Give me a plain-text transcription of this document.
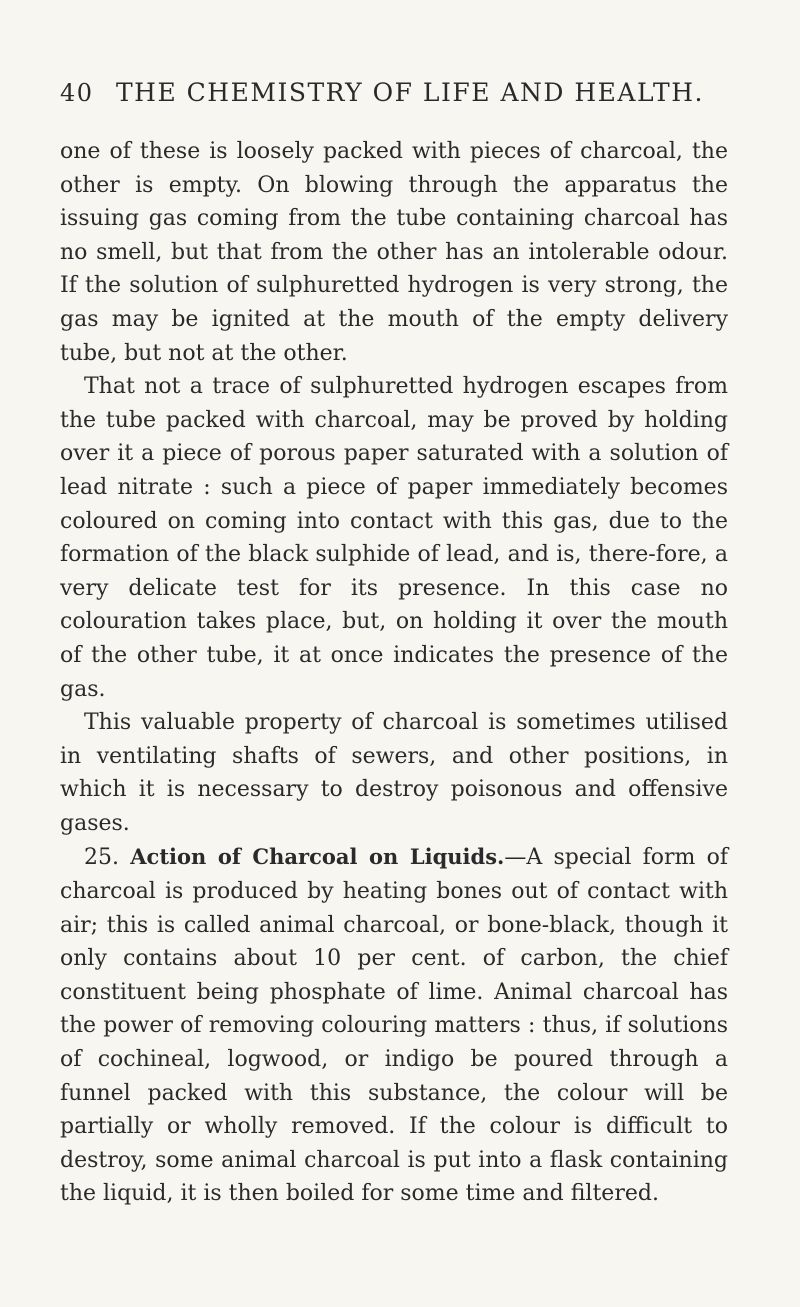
40 THE CHEMISTRY OF LIFE AND HEALTH.

one of these is loosely packed with pieces of charcoal, the other is empty. On blowing through the apparatus the issuing gas coming from the tube containing charcoal has no smell, but that from the other has an intolerable odour. If the solution of sulphuretted hydrogen is very strong, the gas may be ignited at the mouth of the empty delivery tube, but not at the other.

That not a trace of sulphuretted hydrogen escapes from the tube packed with charcoal, may be proved by holding over it a piece of porous paper saturated with a solution of lead nitrate : such a piece of paper immediately becomes coloured on coming into contact with this gas, due to the formation of the black sulphide of lead, and is, there-fore, a very delicate test for its presence. In this case no colouration takes place, but, on holding it over the mouth of the other tube, it at once indicates the presence of the gas.

This valuable property of charcoal is sometimes utilised in ventilating shafts of sewers, and other positions, in which it is necessary to destroy poisonous and offensive gases.

25. Action of Charcoal on Liquids.—A special form of charcoal is produced by heating bones out of contact with air; this is called animal charcoal, or bone-black, though it only contains about 10 per cent. of carbon, the chief constituent being phosphate of lime. Animal charcoal has the power of removing colouring matters : thus, if solutions of cochineal, logwood, or indigo be poured through a funnel packed with this substance, the colour will be partially or wholly removed. If the colour is difficult to destroy, some animal charcoal is put into a flask containing the liquid, it is then boiled for some time and filtered.
